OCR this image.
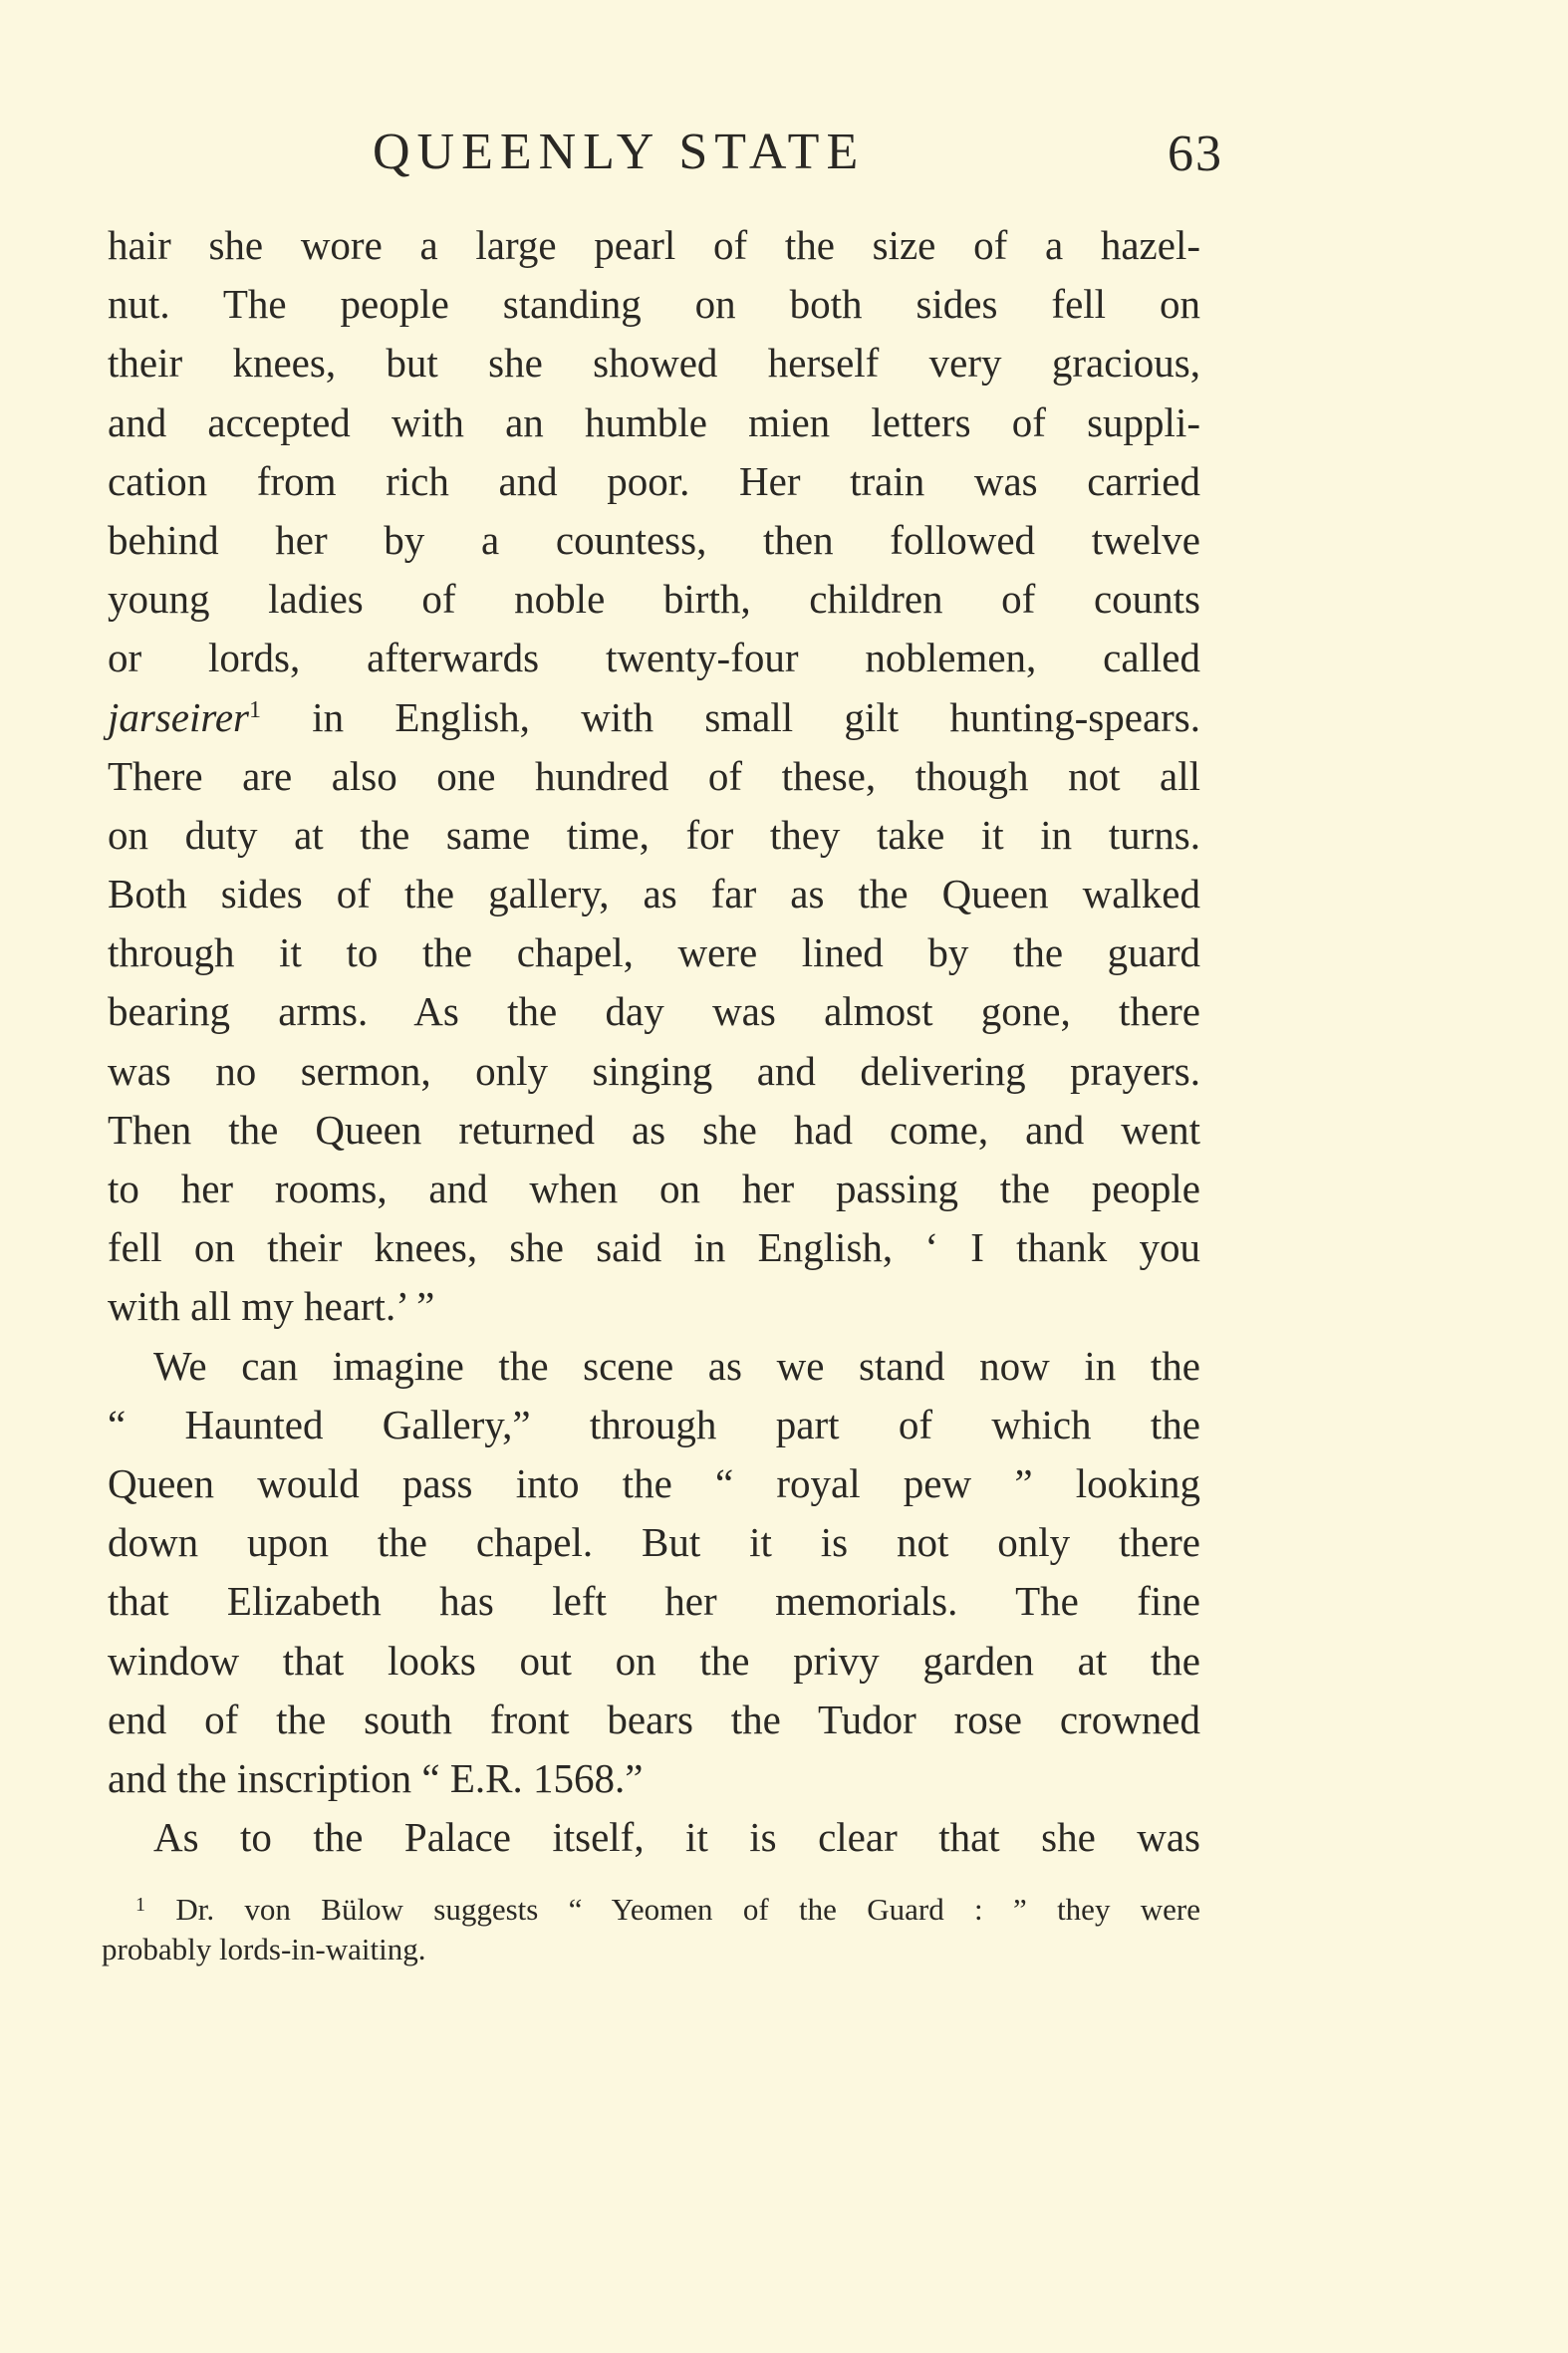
QUEENLY STATE	63
hair she wore a large pearl of the size of a hazel-
nut. The people standing on both sides fell on
their knees, but she showed herself very gracious,
and accepted with an humble mien letters of suppli-
cation from rich and poor. Her train was carried
behind her by a countess, then followed twelve
young ladies of noble birth, children of counts
or lords, afterwards twenty-four noblemen, called
jarseirer$^1$ in English, with small gilt hunting-spears.
There are also one hundred of these, though not all
on duty at the same time, for they take it in turns.
Both sides of the gallery, as far as the Queen walked
through it to the chapel, were lined by the guard
bearing arms. As the day was almost gone, there
was no sermon, only singing and delivering prayers.
Then the Queen returned as she had come, and went
to her rooms, and when on her passing the people
fell on their knees, she said in English, ‘ I thank you
with all my heart.’ ”
We can imagine the scene as we stand now in the
“ Haunted Gallery,” through part of which the
Queen would pass into the “ royal pew ” looking
down upon the chapel. But it is not only there
that Elizabeth has left her memorials. The fine
window that looks out on the privy garden at the
end of the south front bears the Tudor rose crowned
and the inscription “ E.R. 1568.”
As to the Palace itself, it is clear that she was
$^1$ Dr. von Bülow suggests “ Yeomen of the Guard : ” they were
probably lords-in-waiting.
